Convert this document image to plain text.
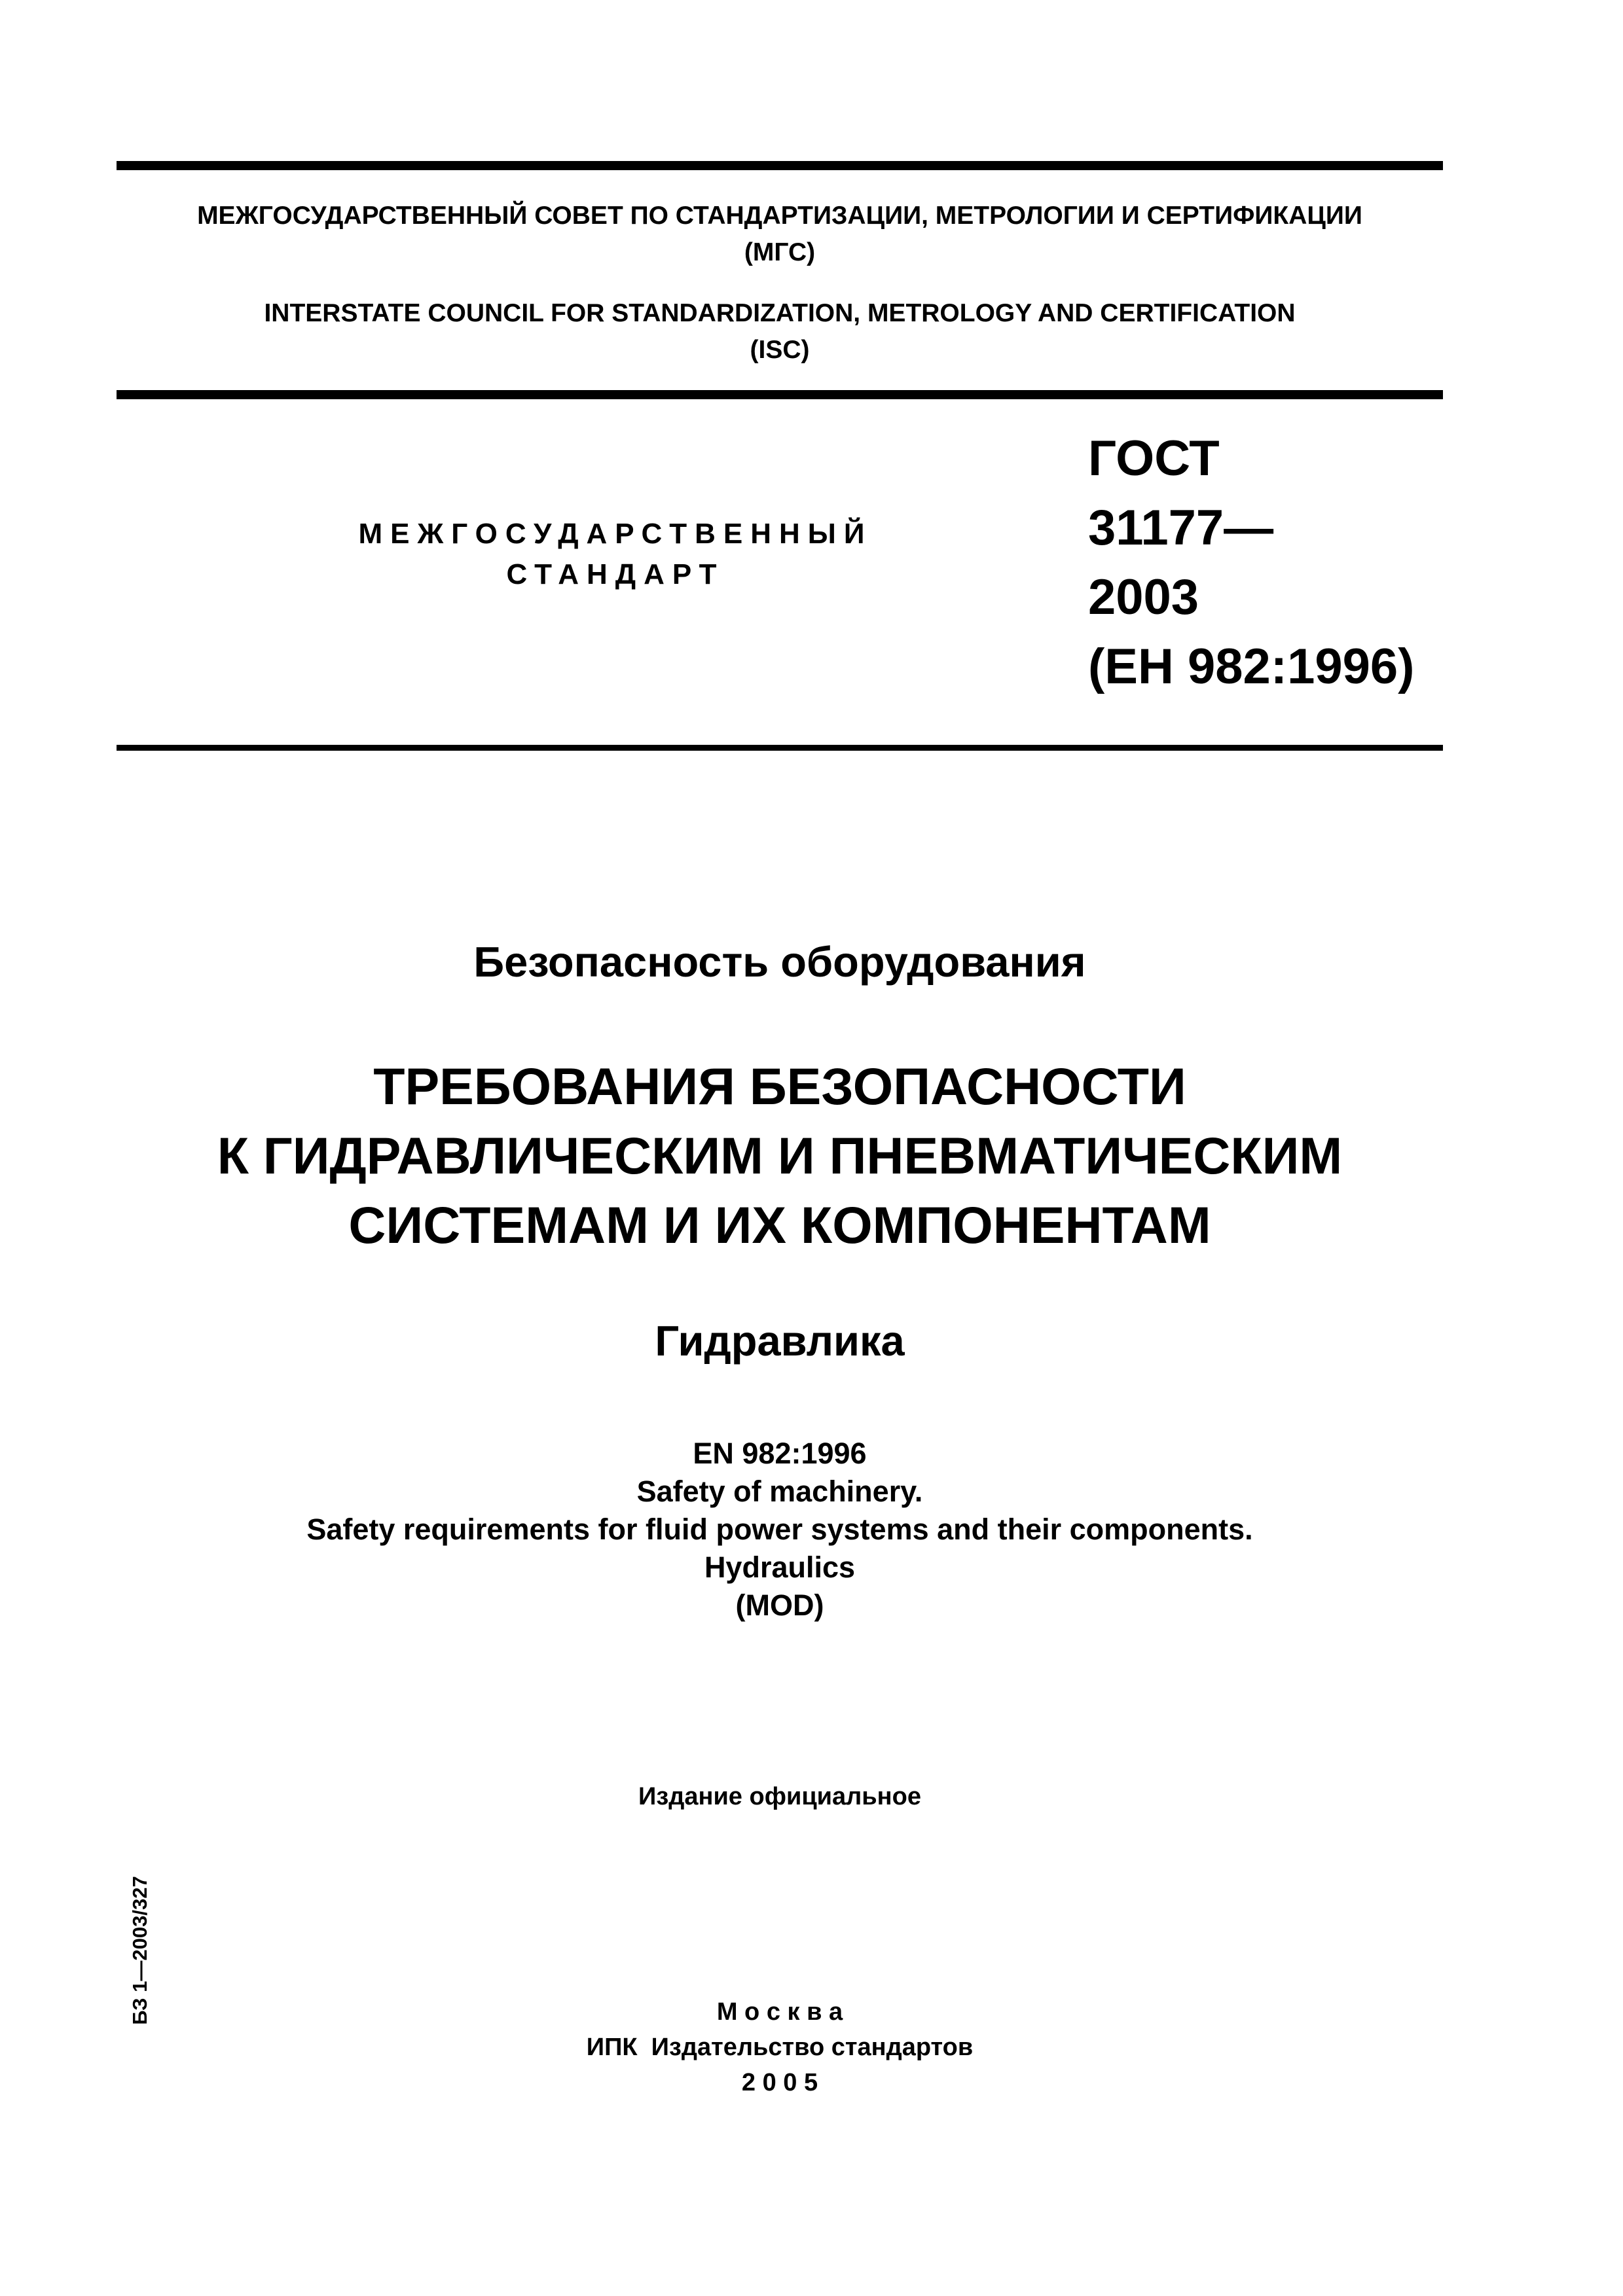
МЕЖГОСУДАРСТВЕННЫЙ СОВЕТ ПО СТАНДАРТИЗАЦИИ, МЕТРОЛОГИИ И СЕРТИФИКАЦИИ
(МГС)
INTERSTATE COUNCIL FOR STANDARDIZATION, METROLOGY AND CERTIFICATION
(ISC)
МЕЖГОСУДАРСТВЕННЫЙ
СТАНДАРТ
ГОСТ
31177—
2003
(ЕН 982:1996)
Безопасность оборудования
ТРЕБОВАНИЯ БЕЗОПАСНОСТИ
К ГИДРАВЛИЧЕСКИМ И ПНЕВМАТИЧЕСКИМ
СИСТЕМАМ И ИХ КОМПОНЕНТАМ
Гидравлика
EN 982:1996
Safety of machinery.
Safety requirements for fluid power systems and their components.
Hydraulics
(MOD)
Издание официальное
БЗ 1—2003/327	М о с к в а
ИПК  Издательство стандартов
2 0 0 5
